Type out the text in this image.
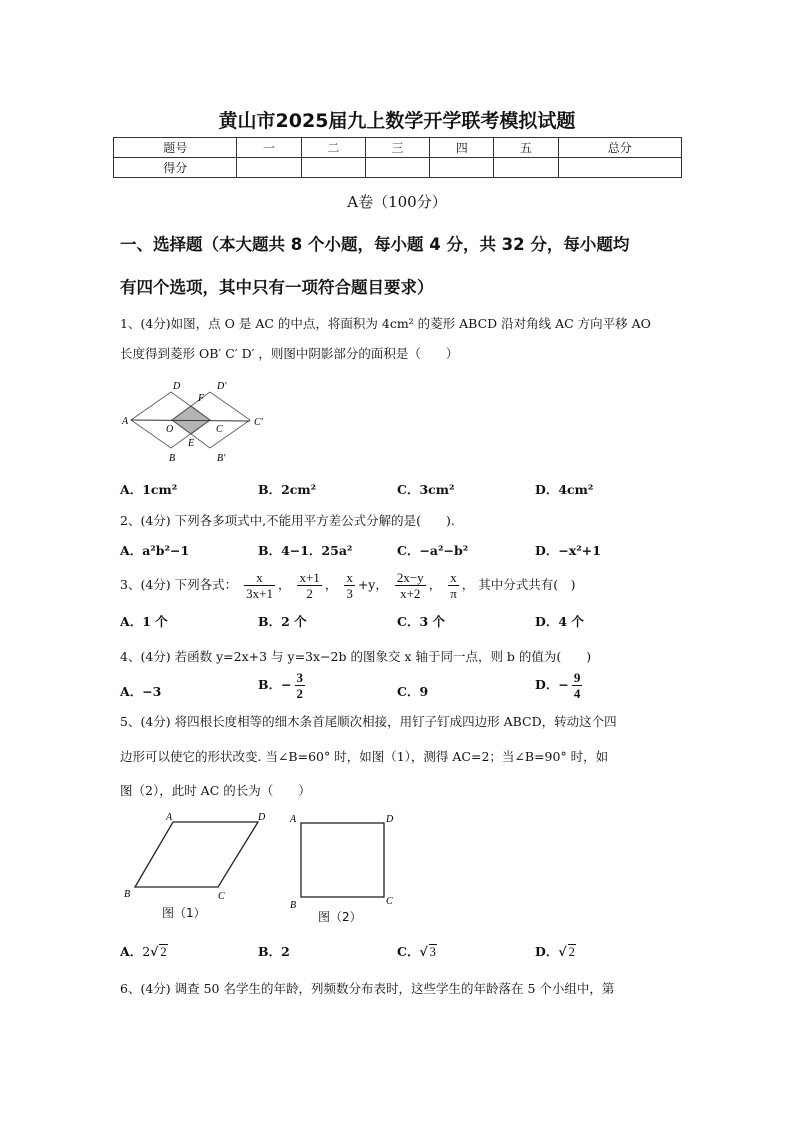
黄山市2025届九上数学开学联考模拟试题
题号	一	二	三	四	五	总分
得分						
A卷（100分）
一、选择题（本大题共 8 个小题，每小题 4 分，共 32 分，每小题均
有四个选项，其中只有一项符合题目要求）
1、(4分)如图，点 O 是 AC 的中点，将面积为 4cm² 的菱形 ABCD 沿对角线 AC 方向平移 AO
长度得到菱形 OB′ C′ D′ ，则图中阴影部分的面积是（　　）
A
D	D′
F
O	C
C′
E
B	B′
A	D
B	C
A	D
B	C
图（1）	图（2）
A．1cm²	B．2cm²	C．3cm²	D．4cm²
2、(4分) 下列各多项式中,不能用平方差公式分解的是(　　).
A．a²b²−1	B．4−1．25a²	C．−a²−b²	D．−x²+1
3、(4分) 下列各式： $\frac{x}{3x+1}$ ， $\frac{x+1}{2}$ ， $\frac{x}{3} +y$， $\frac{2x-y}{x+2}$ ， $\frac{x}{\pi}$ ， 其中分式共有(　)
A．1 个	B．2 个	C．3 个	D．4 个
4、(4分) 若函数 y=2x+3 与 y=3x−2b 的图象交 x 轴于同一点，则 b 的值为(　　)
A．−3	B．− $\frac{3}{2}$	C．9	D．− $\frac{9}{4}$
5、(4分) 将四根长度相等的细木条首尾顺次相接，用钉子钉成四边形 ABCD，转动这个四
边形可以使它的形状改变. 当∠B=60° 时，如图（1），测得 AC=2；当∠B=90° 时，如
图（2），此时 AC 的长为（　　）
A．2√ 2	B．2	C．√ 3	D．√ 2
6、(4分) 调查 50 名学生的年龄，列频数分布表时，这些学生的年龄落在 5 个小组中，第
